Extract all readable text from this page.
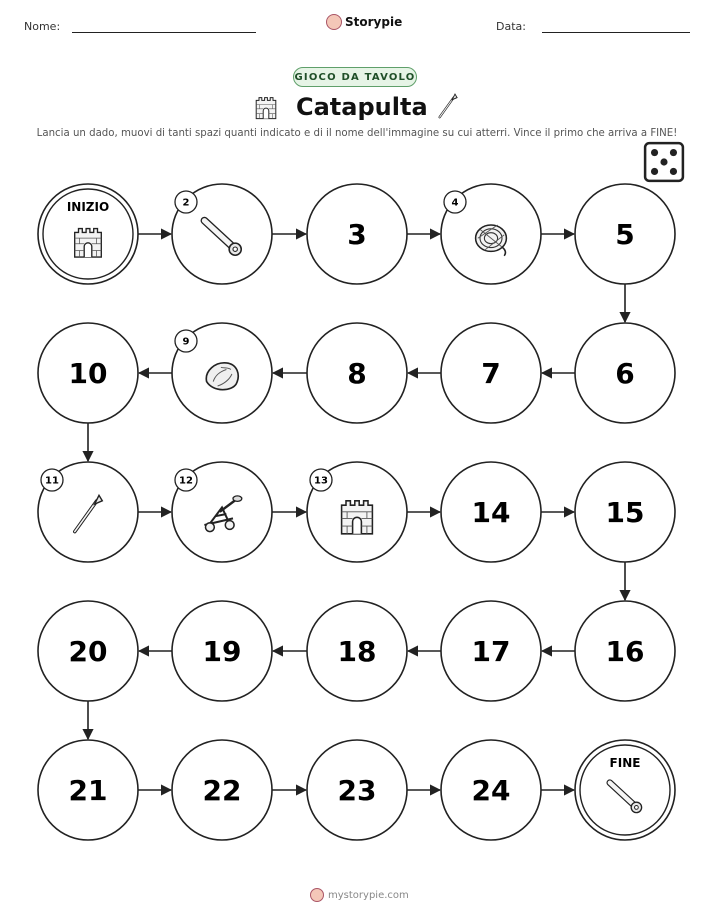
Nome:	Storypie	Data:
GIOCO DA TAVOLO
Catapulta
Lancia un dado, muovi di tanti spazi quanti indicato e di il nome dell'immagine su cui atterri. Vince il primo che arriva a FINE!
INIZIO	2
3
4
5
6
7
8
9
10
11	12	13
14	15
16
17
18
19
20
21	22	23	24
FINE
mystorypie.com
